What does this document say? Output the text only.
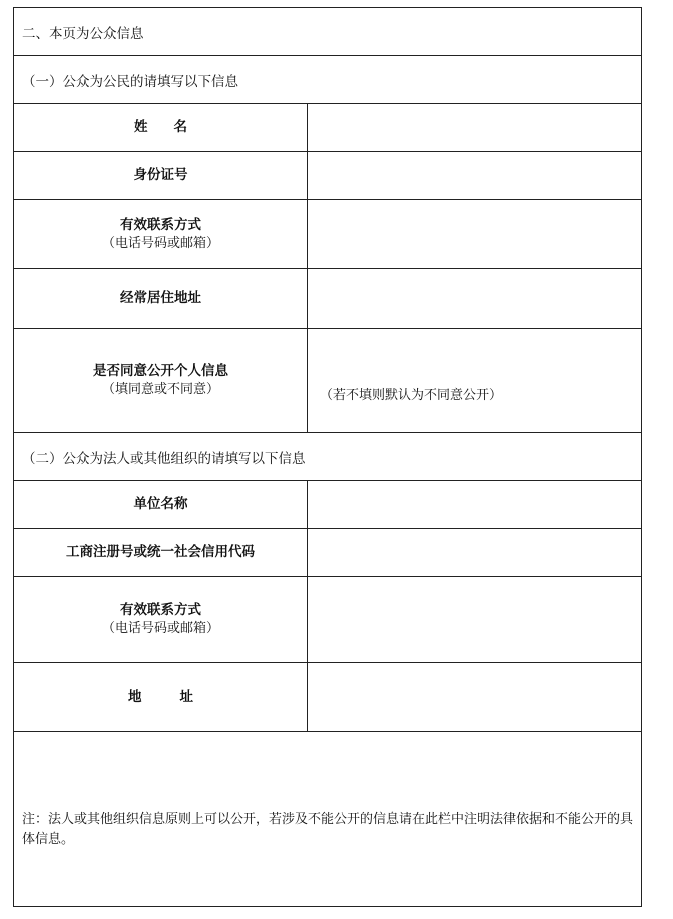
二、本页为公众信息
（一）公众为公民的请填写以下信息
姓名
身份证号
有效联系方式
（电话号码或邮箱）
经常居住地址
是否同意公开个人信息
（填同意或不同意）	（若不填则默认为不同意公开）
（二）公众为法人或其他组织的请填写以下信息
单位名称
工商注册号或统一社会信用代码
有效联系方式
（电话号码或邮箱）
地址
注：法人或其他组织信息原则上可以公开，若涉及不能公开的信息请在此栏中注明法律依据和不能公开的具体信息。
